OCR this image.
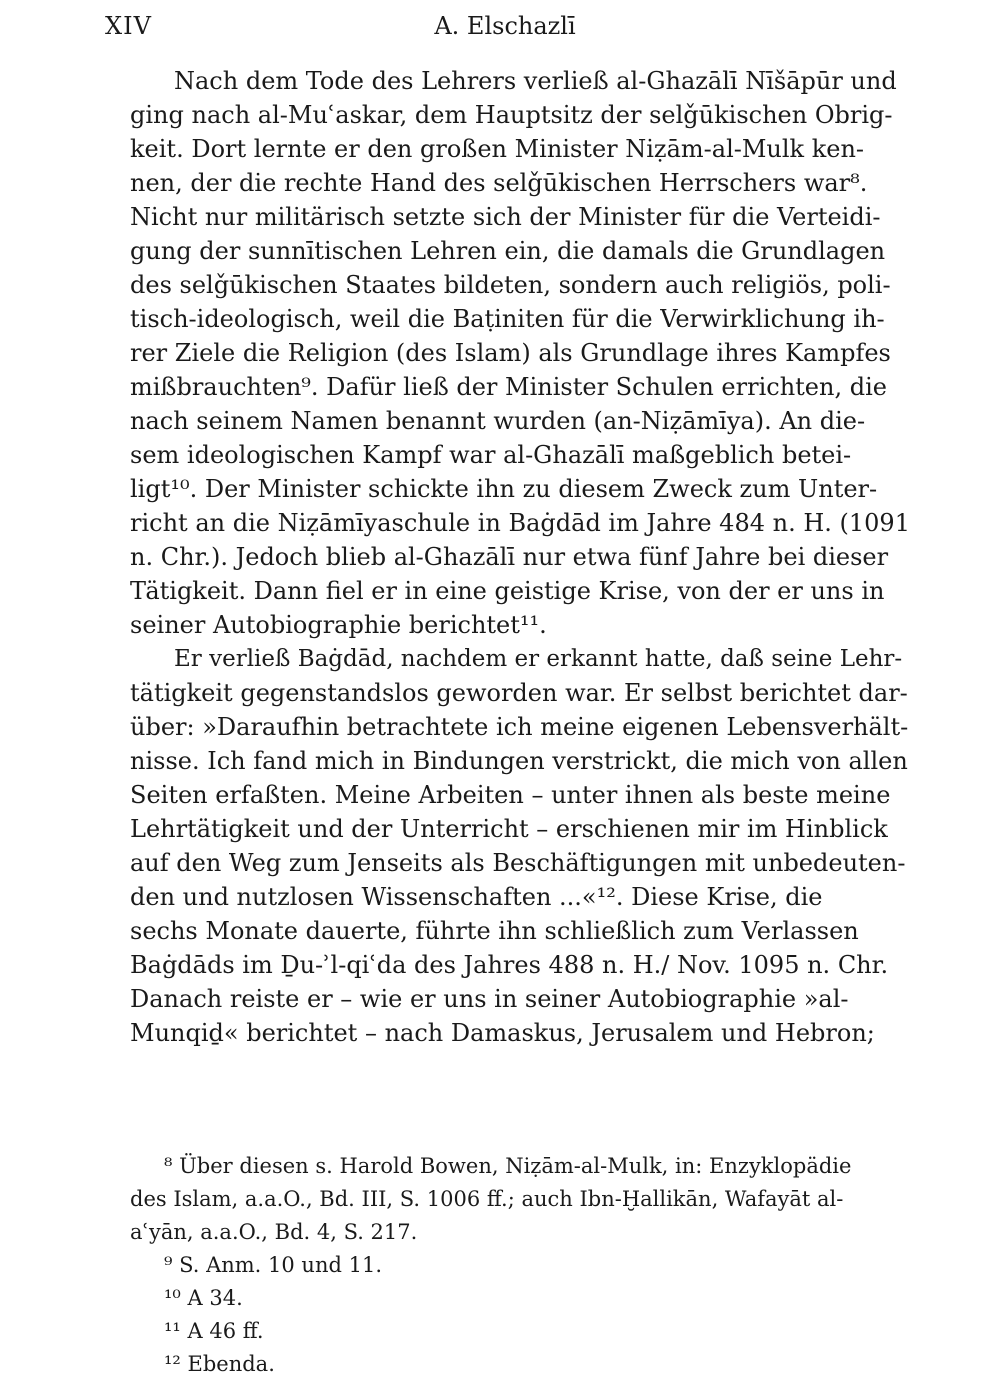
XIV	A. Elschazlī
Nach dem Tode des Lehrers verließ al-Ghazālī Nīšāpūr und
ging nach al-Muʿaskar, dem Hauptsitz der selǧūkischen Obrig-
keit. Dort lernte er den großen Minister Niẓām-al-Mulk ken-
nen, der die rechte Hand des selǧūkischen Herrschers war⁸.
Nicht nur militärisch setzte sich der Minister für die Verteidi-
gung der sunnītischen Lehren ein, die damals die Grundlagen
des selǧūkischen Staates bildeten, sondern auch religiös, poli-
tisch-ideologisch, weil die Baṭiniten für die Verwirklichung ih-
rer Ziele die Religion (des Islam) als Grundlage ihres Kampfes
mißbrauchten⁹. Dafür ließ der Minister Schulen errichten, die
nach seinem Namen benannt wurden (an-Niẓāmīya). An die-
sem ideologischen Kampf war al-Ghazālī maßgeblich betei-
ligt¹⁰. Der Minister schickte ihn zu diesem Zweck zum Unter-
richt an die Niẓāmīyaschule in Baġdād im Jahre 484 n. H. (1091
n. Chr.). Jedoch blieb al-Ghazālī nur etwa fünf Jahre bei dieser
Tätigkeit. Dann fiel er in eine geistige Krise, von der er uns in
seiner Autobiographie berichtet¹¹.
Er verließ Baġdād, nachdem er erkannt hatte, daß seine Lehr-
tätigkeit gegenstandslos geworden war. Er selbst berichtet dar-
über: »Daraufhin betrachtete ich meine eigenen Lebensverhält-
nisse. Ich fand mich in Bindungen verstrickt, die mich von allen
Seiten erfaßten. Meine Arbeiten – unter ihnen als beste meine
Lehrtätigkeit und der Unterricht – erschienen mir im Hinblick
auf den Weg zum Jenseits als Beschäftigungen mit unbedeuten-
den und nutzlosen Wissenschaften ...«¹². Diese Krise, die
sechs Monate dauerte, führte ihn schließlich zum Verlassen
Baġdāds im Ḏu-ʾl-qiʿda des Jahres 488 n. H./ Nov. 1095 n. Chr.
Danach reiste er – wie er uns in seiner Autobiographie »al-
Munqiḏ« berichtet – nach Damaskus, Jerusalem und Hebron;
⁸ Über diesen s. Harold Bowen, Niẓām-al-Mulk, in: Enzyklopädie
des Islam, a.a.O., Bd. III, S. 1006 ff.; auch Ibn-Ḫallikān, Wafayāt al-
aʿyān, a.a.O., Bd. 4, S. 217.
⁹ S. Anm. 10 und 11.
¹⁰ A 34.
¹¹ A 46 ff.
¹² Ebenda.
